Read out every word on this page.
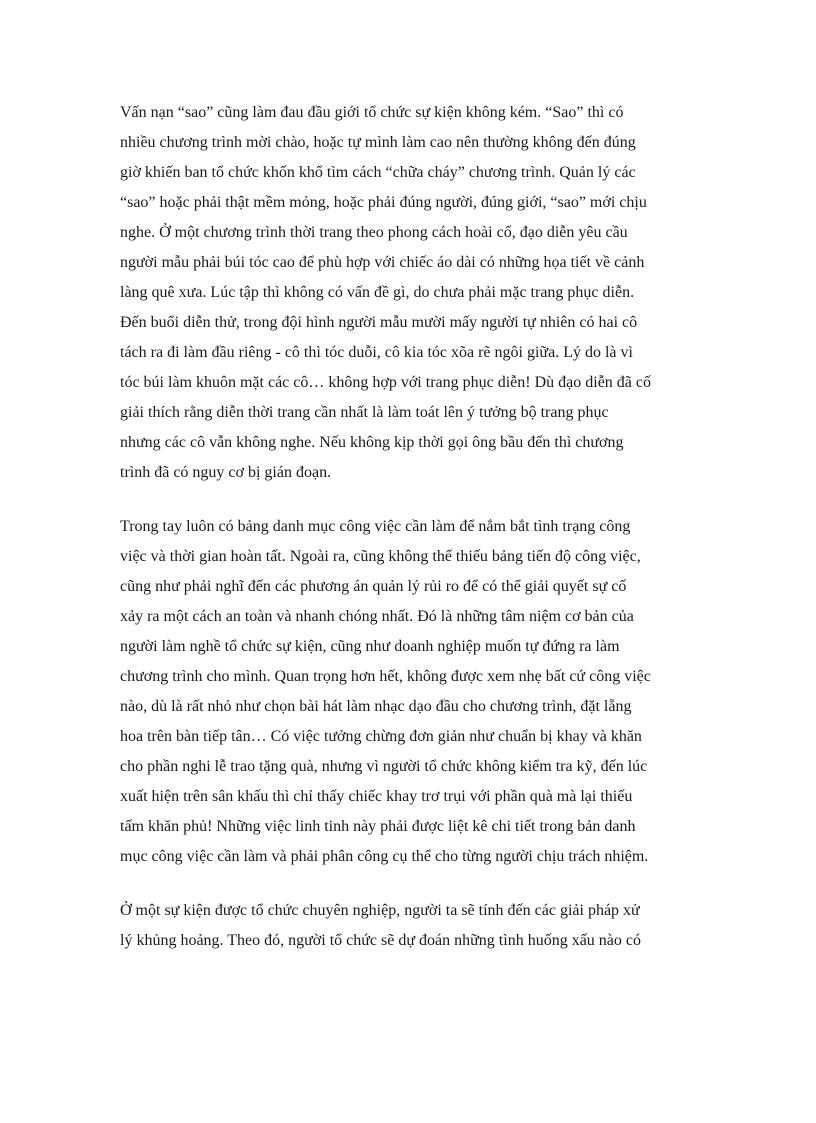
Vấn nạn “sao” cũng làm đau đầu giới tổ chức sự kiện không kém. “Sao” thì có
nhiều chương trình mời chào, hoặc tự mình làm cao nên thường không đến đúng
giờ khiến ban tổ chức khốn khổ tìm cách “chữa cháy” chương trình. Quản lý các
“sao” hoặc phải thật mềm mỏng, hoặc phải đúng người, đúng giới, “sao” mới chịu
nghe. Ở một chương trình thời trang theo phong cách hoài cổ, đạo diễn yêu cầu
người mẫu phải búi tóc cao để phù hợp với chiếc áo dài có những họa tiết về cảnh
làng quê xưa. Lúc tập thì không có vấn đề gì, do chưa phải mặc trang phục diễn.
Đến buổi diễn thử, trong đội hình người mẫu mười mấy người tự nhiên có hai cô
tách ra đi làm đầu riêng - cô thì tóc duỗi, cô kia tóc xõa rẽ ngôi giữa. Lý do là vì
tóc búi làm khuôn mặt các cô… không hợp với trang phục diễn! Dù đạo diễn đã cố
giải thích rằng diễn thời trang cần nhất là làm toát lên ý tưởng bộ trang phục
nhưng các cô vẫn không nghe. Nếu không kịp thời gọi ông bầu đến thì chương
trình đã có nguy cơ bị gián đoạn.

Trong tay luôn có bảng danh mục công việc cần làm để nắm bắt tình trạng công
việc và thời gian hoàn tất. Ngoài ra, cũng không thể thiếu bảng tiến độ công việc,
cũng như phải nghĩ đến các phương án quản lý rủi ro để có thể giải quyết sự cố
xảy ra một cách an toàn và nhanh chóng nhất. Đó là những tâm niệm cơ bản của
người làm nghề tổ chức sự kiện, cũng như doanh nghiệp muốn tự đứng ra làm
chương trình cho mình. Quan trọng hơn hết, không được xem nhẹ bất cứ công việc
nào, dù là rất nhỏ như chọn bài hát làm nhạc dạo đầu cho chương trình, đặt lẵng
hoa trên bàn tiếp tân… Có việc tưởng chừng đơn giản như chuẩn bị khay và khăn
cho phần nghi lễ trao tặng quà, nhưng vì người tổ chức không kiểm tra kỹ, đến lúc
xuất hiện trên sân khấu thì chỉ thấy chiếc khay trơ trụi với phần quà mà lại thiếu
tấm khăn phủ! Những việc linh tinh này phải được liệt kê chi tiết trong bản danh
mục công việc cần làm và phải phân công cụ thể cho từng người chịu trách nhiệm.

Ở một sự kiện được tổ chức chuyên nghiệp, người ta sẽ tính đến các giải pháp xử
lý khủng hoảng. Theo đó, người tổ chức sẽ dự đoán những tình huống xấu nào có
